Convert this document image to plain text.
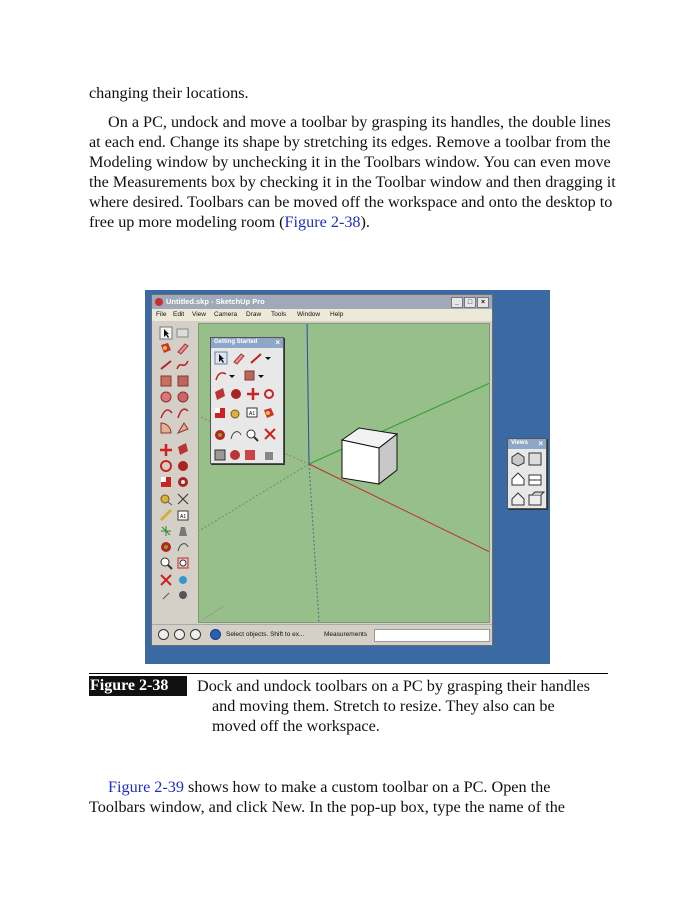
changing their locations.
On a PC, undock and move a toolbar by grasping its handles, the double lines at each end. Change its shape by stretching its edges. Remove a toolbar from the Modeling window by unchecking it in the Toolbars window. You can even move the Measurements box by checking it in the Toolbar window and then dragging it where desired. Toolbars can be moved off the workspace and onto the desktop to free up more modeling room (Figure 2-38).
Untitled.skp - SketchUp Pro	_	□	×
File Edit View Camera Draw Tools Window Help
A1
Getting Started ×
A1
Select objects. Shift to ex...	Measurements
Views ×
Figure 2-38 Dock and undock toolbars on a PC by grasping their handles and moving them. Stretch to resize. They also can be moved off the workspace.
Figure 2-39 shows how to make a custom toolbar on a PC. Open the Toolbars window, and click New. In the pop-up box, type the name of the
